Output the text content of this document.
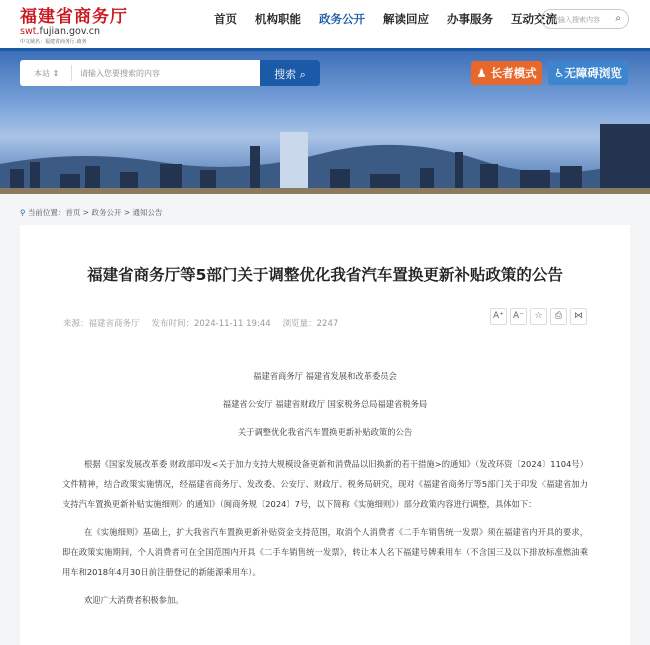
福建省商务厅
swt.fujian.gov.cn
中文域名：福建省商务厅.政务
首页 机构职能 政务公开 解读回应 办事服务 互动交流
请输入搜索内容 ⌕
本站 ⇕	请输入您要搜索的内容	搜索 ⌕	♟ 长者模式	♿无障碍浏览
⚲ 当前位置：首页 > 政务公开 > 通知公告
福建省商务厅等5部门关于调整优化我省汽车置换更新补贴政策的公告
来源：福建省商务厅 发布时间：2024-11-11 19:44 浏览量：2247
A⁺	A⁻	☆	⎙	⋈
福建省商务厅 福建省发展和改革委员会
福建省公安厅 福建省财政厅 国家税务总局福建省税务局
关于调整优化我省汽车置换更新补贴政策的公告

根据《国家发展改革委 财政部印发<关于加力支持大规模设备更新和消费品以旧换新的若干措施>的通知》（发改环资〔2024〕1104号）文件精神，结合政策实施情况，经福建省商务厅、发改委、公安厅、财政厅、税务局研究，现对《福建省商务厅等5部门关于印发〈福建省加力支持汽车置换更新补贴实施细则〉的通知》（闽商务规〔2024〕7号，以下简称《实施细则》）部分政策内容进行调整，具体如下：

在《实施细则》基础上，扩大我省汽车置换更新补贴资金支持范围，取消个人消费者《二手车销售统一发票》须在福建省内开具的要求，即在政策实施期间，个人消费者可在全国范围内开具《二手车销售统一发票》，转让本人名下福建号牌乘用车（不含国三及以下排放标准燃油乘用车和2018年4月30日前注册登记的新能源乘用车）。

欢迎广大消费者积极参加。
